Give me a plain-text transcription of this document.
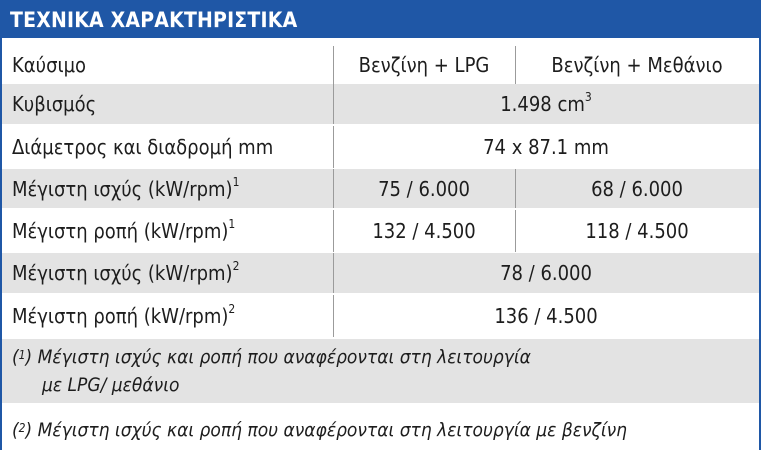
ΤΕΧΝΙΚΑ ΧΑΡΑΚΤΗΡΙΣΤΙΚΑ
Καύσιμο	Βενζίνη + LPG	Βενζίνη + Μεθάνιο
Κυβισμός	1.498 $cm^3$
Διάμετρος και διαδρομή mm	74 x 87.1 mm
Μέγιστη ισχύς $(kW/rpm)^1$	75 / 6.000	68 / 6.000
Μέγιστη ροπή $(kW/rpm)^1$	132 / 4.500	118 / 4.500
Μέγιστη ισχύς $(kW/rpm)^2$	78 / 6.000
Μέγιστη ροπή $(kW/rpm)^2$	136 / 4.500
($^1$) Μέγιστη ισχύς και ροπή που αναφέρονται στη λειτουργία
με LPG/ μεθάνιο
($^2$) Μέγιστη ισχύς και ροπή που αναφέρονται στη λειτουργία με βενζίνη
